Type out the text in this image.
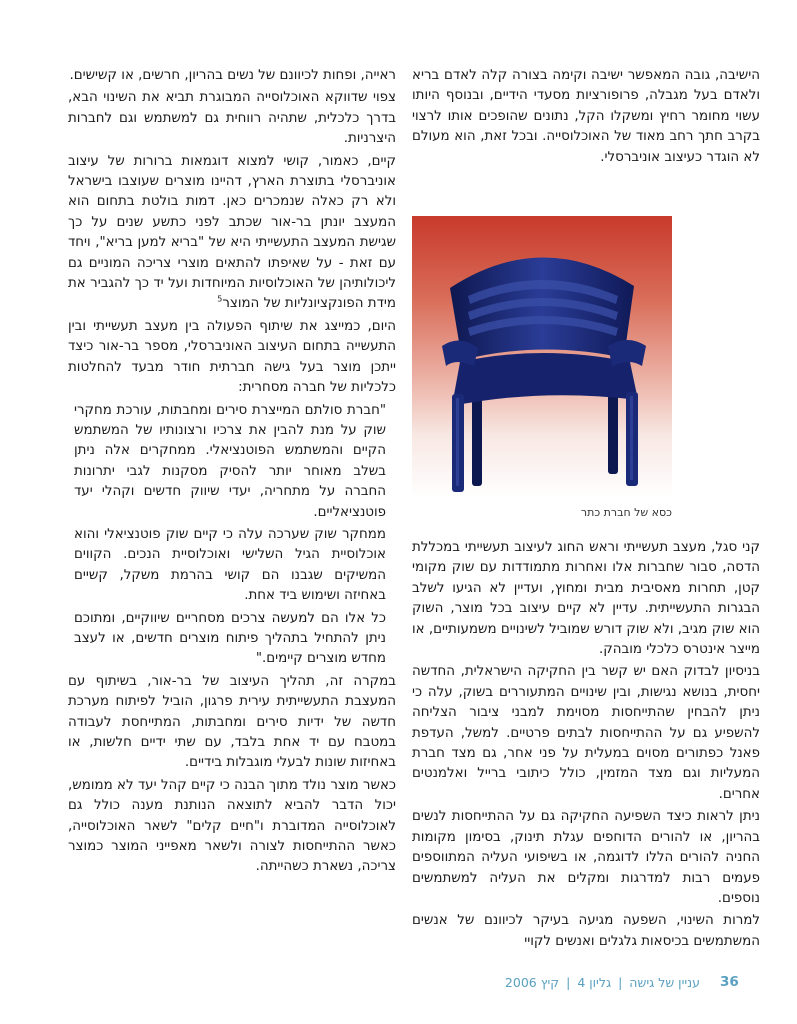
הישיבה, גובה המאפשר ישיבה וקימה בצורה קלה לאדם בריא ולאדם בעל מגבלה, פרופורציות מסעדי הידיים, ובנוסף היותו עשוי מחומר רחיץ ומשקלו הקל, נתונים שהופכים אותו לרצוי בקרב חתך רחב מאוד של האוכלוסייה. ובכל זאת, הוא מעולם לא הוגדר כעיצוב אוניברסלי.

כסא של חברת כתר

קני סגל, מעצב תעשייתי וראש החוג לעיצוב תעשייתי במכללת הדסה, סבור שחברות אלו ואחרות מתמודדות עם שוק מקומי קטן, תחרות מאסיבית מבית ומחוץ, ועדיין לא הגיעו לשלב הבגרות התעשייתית. עדיין לא קיים עיצוב בכל מוצר, השוק הוא שוק מגיב, ולא שוק דורש שמוביל לשינויים משמעותיים, או מייצר אינטרס כלכלי מובהק.

בניסיון לבדוק האם יש קשר בין החקיקה הישראלית, החדשה יחסית, בנושא נגישות, ובין שינויים המתעוררים בשוק, עלה כי ניתן להבחין שהתייחסות מסוימת למבני ציבור הצליחה להשפיע גם על ההתייחסות לבתים פרטיים. למשל, העדפת פאנל כפתורים מסוים במעלית על פני אחר, גם מצד חברת המעליות וגם מצד המזמין, כולל כיתובי ברייל ואלמנטים אחרים.

ניתן לראות כיצד השפיעה החקיקה גם על ההתייחסות לנשים בהריון, או להורים הדוחפים עגלת תינוק, בסימון מקומות החניה להורים הללו לדוגמה, או בשיפועי העליה המתווספים פעמים רבות למדרגות ומקלים את העליה למשתמשים נוספים.

למרות השינוי, השפעה מגיעה בעיקר לכיוונם של אנשים המשתמשים בכיסאות גלגלים ואנשים לקויי

ראייה, ופחות לכיוונם של נשים בהריון, חרשים, או קשישים.

צפוי שדווקא האוכלוסייה המבוגרת תביא את השינוי הבא, בדרך כלכלית, שתהיה רווחית גם למשתמש וגם לחברות היצרניות.

קיים, כאמור, קושי למצוא דוגמאות ברורות של עיצוב אוניברסלי בתוצרת הארץ, דהיינו מוצרים שעוצבו בישראל ולא רק כאלה שנמכרים כאן. דמות בולטת בתחום הוא המעצב יונתן בר-אור שכתב לפני כתשע שנים על כך שגישת המעצב התעשייתי היא של "בריא למען בריא", ויחד עם זאת - על שאיפתו להתאים מוצרי צריכה המוניים גם ליכולותיהן של האוכלוסיות המיוחדות ועל יד כך להגביר את מידת הפונקציונליות של המוצר$^5$

היום, כמייצג את שיתוף הפעולה בין מעצב תעשייתי ובין התעשייה בתחום העיצוב האוניברסלי, מספר בר-אור כיצד ייתכן מוצר בעל גישה חברתית חודר מבעד להחלטות כלכליות של חברה מסחרית:

"חברת סולתם המייצרת סירים ומחבתות, עורכת מחקרי שוק על מנת להבין את צרכיו ורצונותיו של המשתמש הקיים והמשתמש הפוטנציאלי. ממחקרים אלה ניתן בשלב מאוחר יותר להסיק מסקנות לגבי יתרונות החברה על מתחריה, יעדי שיווק חדשים וקהלי יעד פוטנציאליים.

ממחקר שוק שערכה עלה כי קיים שוק פוטנציאלי והוא אוכלוסיית הגיל השלישי ואוכלוסיית הנכים. הקווים המשיקים שגבנו הם קושי בהרמת משקל, קשיים באחיזה ושימוש ביד אחת.

כל אלו הם למעשה צרכים מסחריים שיווקיים, ומתוכם ניתן להתחיל בתהליך פיתוח מוצרים חדשים, או לעצב מחדש מוצרים קיימים."

במקרה זה, תהליך העיצוב של בר-אור, בשיתוף עם המעצבת התעשייתית עירית פרגון, הוביל לפיתוח מערכת חדשה של ידיות סירים ומחבתות, המתייחסת לעבודה במטבח עם יד אחת בלבד, עם שתי ידיים חלשות, או באחיזות שונות לבעלי מוגבלות בידיים.

כאשר מוצר נולד מתוך הבנה כי קיים קהל יעד לא ממומש, יכול הדבר להביא לתוצאה הנותנת מענה כולל גם לאוכלוסייה המדוברת ו"חיים קלים" לשאר האוכלוסייה, כאשר ההתייחסות לצורה ולשאר מאפייני המוצר כמוצר צריכה, נשארת כשהייתה.

עניין של גישה | גליון 4 | קיץ 2006	36
